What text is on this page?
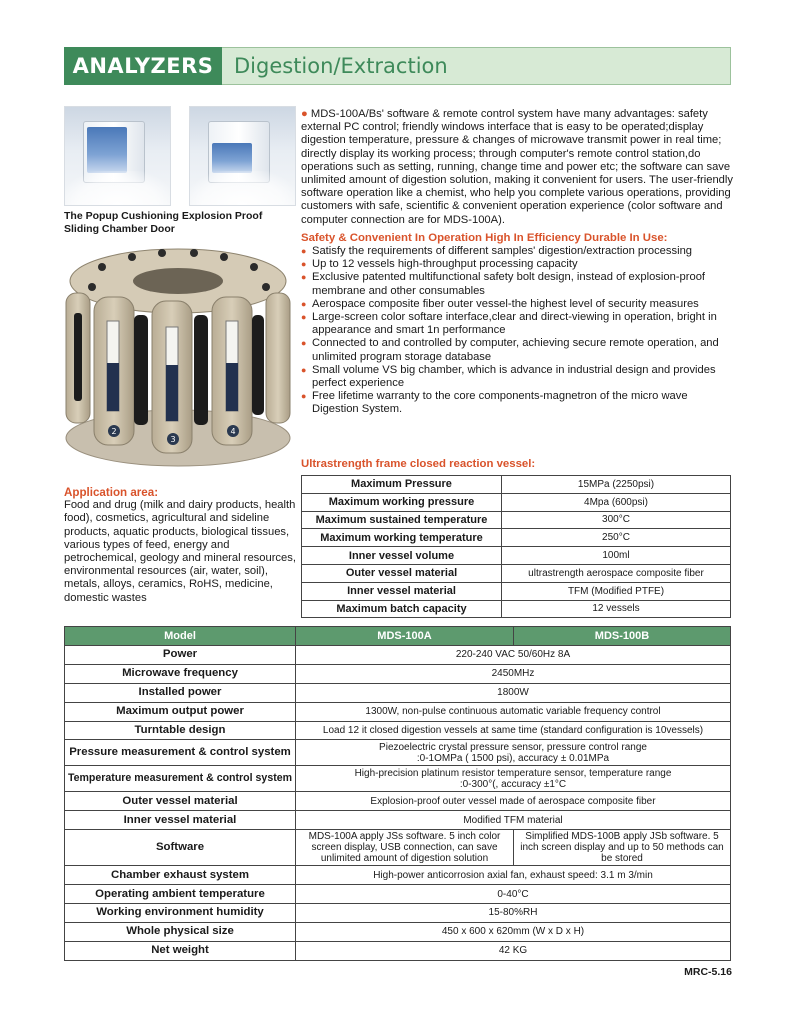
ANALYZERS Digestion/Extraction
The Popup Cushioning Explosion Proof
Sliding Chamber Door
2
3
4

● MDS-100A/Bs' software & remote control system have many advantages: safety external PC control; friendly windows interface that is easy to be operated;display digestion temperature, pressure & changes of microwave transmit power in real time; directly display its working process; through computer's remote control station,do operations such as setting, running, change time and power etc; the software can save unlimited amount of digestion solution, making it convenient for users. The user-friendly software operation like a chemist, who help you complete various operations, providing customers with safe, scientific & convenient operation experience (color software and computer connection are for MDS-100A).

Safety & Convenient In Operation High In Efficiency Durable In Use:
● Satisfy the requirements of different samples' digestion/extraction processing
● Up to 12 vessels high-throughput processing capacity
● Exclusive patented multifunctional safety bolt design, instead of explosion-proof membrane and other consumables
● Aerospace composite fiber outer vessel-the highest level of security measures
● Large-screen color softare interface,clear and direct-viewing in operation, bright in appearance and smart 1n performance
● Connected to and controlled by computer, achieving secure remote operation, and unlimited program storage database
● Small volume VS big chamber, which is advance in industrial design and provides perfect experience
● Free lifetime warranty to the core components-magnetron of the micro wave Digestion System.
Application area:
Food and drug (milk and dairy products, health food), cosmetics, agricultural and sideline products, aquatic products, biological tissues, various types of feed, energy and petrochemical, geology and mineral resources, environmental resources (air, water, soil), metals, alloys, ceramics, RoHS, medicine, domestic wastes
Ultrastrength frame closed reaction vessel:
Maximum Pressure	15MPa (2250psi)
Maximum working pressure	4Mpa (600psi)
Maximum sustained temperature	300°C
Maximum working temperature	250°C
Inner vessel volume	100ml
Outer vessel material	ultrastrength aerospace composite fiber
Inner vessel material	TFM (Modified PTFE)
Maximum batch capacity	12 vessels
Model	MDS-100A	MDS-100B
Power	220-240 VAC 50/60Hz 8A	
Microwave frequency	2450MHz	
Installed power	1800W	
Maximum output power	1300W, non-pulse continuous automatic variable frequency control	
Turntable design	Load 12 it closed digestion vessels at same time (standard configuration is 10vessels)	
Pressure measurement & control system	Piezoelectric crystal pressure sensor, pressure control range
:0-1OMPa ( 1500 psi), accuracy ± 0.01MPa	

Temperature measurement & control system	High-precision platinum resistor temperature sensor, temperature range
:0-300°(, accuracy ±1°C	

Outer vessel material	Explosion-proof outer vessel made of aerospace composite fiber	
Inner vessel material	Modified TFM material	
Software	MDS-100A apply JSs software. 5 inch color screen display, USB connection, can save unlimited amount of digestion solution	Simplified MDS-100B apply JSb software. 5 inch screen display and up to 50 methods can be stored
Chamber exhaust system	High-power anticorrosion axial fan, exhaust speed: 3.1 m 3/min	
Operating ambient temperature	0-40°C	
Working environment humidity	15-80%RH	
Whole physical size	450 x 600 x 620mm (W x D x H)	
Net weight	42 KG	
MRC-5.16
